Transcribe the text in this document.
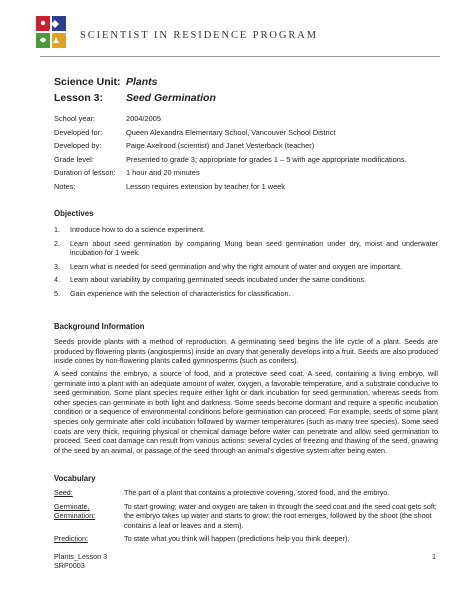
SCIENTIST IN RESIDENCE PROGRAM
Science Unit: Plants
Lesson 3: Seed Germination
School year:	2004/2005
Developed for:	Queen Alexandra Elementary School, Vancouver School District
Developed by:	Paige Axelrood (scientist) and Janet Vesterback (teacher)
Grade level:	Presented to grade 3; appropriate for grades 1 – 5 with age appropriate modifications.
Duration of lesson:	1 hour and 20 minutes
Notes:	Lesson requires extension by teacher for 1 week
Objectives
1. Introduce how to do a science experiment.
2. Learn about seed germination by comparing Mung bean seed germination under dry, moist and underwater incubation for 1 week.
3. Learn what is needed for seed germination and why the right amount of water and oxygen are important.
4. Learn about variability by comparing germinated seeds incubated under the same conditions.
5. Gain experience with the selection of characteristics for classification.
Background Information
Seeds provide plants with a method of reproduction. A germinating seed begins the life cycle of a plant. Seeds are produced by flowering plants (angiosperms) inside an ovary that generally develops into a fruit. Seeds are also produced inside cones by non-flowering plants called gymnosperms (such as conifers).
A seed contains the embryo, a source of food, and a protective seed coat. A seed, containing a living embryo, will germinate into a plant with an adequate amount of water, oxygen, a favorable temperature, and a substrate conducive to seed germination. Some plant species require either light or dark incubation for seed germination, whereas seeds from other species can germinate in both light and darkness. Some seeds become dormant and require a specific incubation condition or a sequence of environmental conditions before germination can proceed. For example, seeds of some plant species only germinate after cold incubation followed by warmer temperatures (such as many tree species). Some seed coats are very thick, requiring physical or chemical damage before water can penetrate and allow seed germination to proceed. Seed coat damage can result from various actions: several cycles of freezing and thawing of the seed, gnawing of the seed by an animal, or passage of the seed through an animal's digestive system after being eaten.
Vocabulary
Seed:	The part of a plant that contains a protective covering, stored food, and the embryo.
Germinate, Germination:
To start growing; water and oxygen are taken in through the seed coat and the seed coat gets soft; the embryo takes up water and starts to grow; the root emerges, followed by the shoot (the shoot contains a leaf or leaves and a stem).
Prediction:	To state what you think will happen (predictions help you think deeper).
Plants_Lesson 3
SRP0003
1
